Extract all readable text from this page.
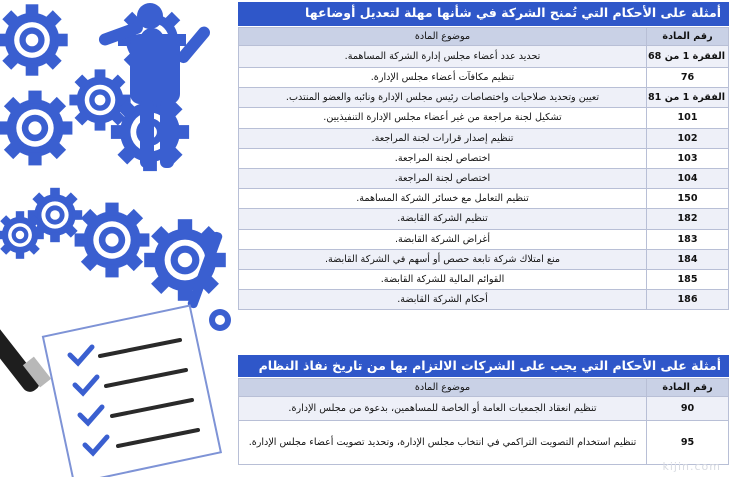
أمثلة على الأحكام التي تُمنح الشركة في شأنها مهلة لتعديل أوضاعها
رقم المادة	موضوع المادة
الفقرة 1 من 68	تحديد عدد أعضاء مجلس إدارة الشركة المساهمة.
76	تنظيم مكافآت أعضاء مجلس الإدارة.
الفقرة 1 من 81	تعيين وتحديد صلاحيات واختصاصات رئيس مجلس الإدارة ونائبه والعضو المنتدب.
101	تشكيل لجنة مراجعة من غير أعضاء مجلس الإدارة التنفيذيين.
102	تنظيم إصدار قرارات لجنة المراجعة.
103	اختصاص لجنة المراجعة.
104	اختصاص لجنة المراجعة.
150	تنظيم التعامل مع خسائر الشركة المساهمة.
182	تنظيم الشركة القابضة.
183	أغراض الشركة القابضة.
184	منع امتلاك شركة تابعة حصص أو أسهم في الشركة القابضة.
185	القوائم المالية للشركة القابضة.
186	أحكام الشركة القابضة.
أمثلة على الأحكام التي يجب على الشركات الالتزام بها من تاريخ نفاذ النظام
رقم المادة	موضوع المادة
90	تنظيم انعقاد الجمعيات العامة أو الخاصة للمساهمين، بدعوة من مجلس الإدارة.
95	تنظيم استخدام التصويت التراكمي في انتخاب مجلس الإدارة، وتحديد تصويت أعضاء مجلس الإدارة.
kijin.com
